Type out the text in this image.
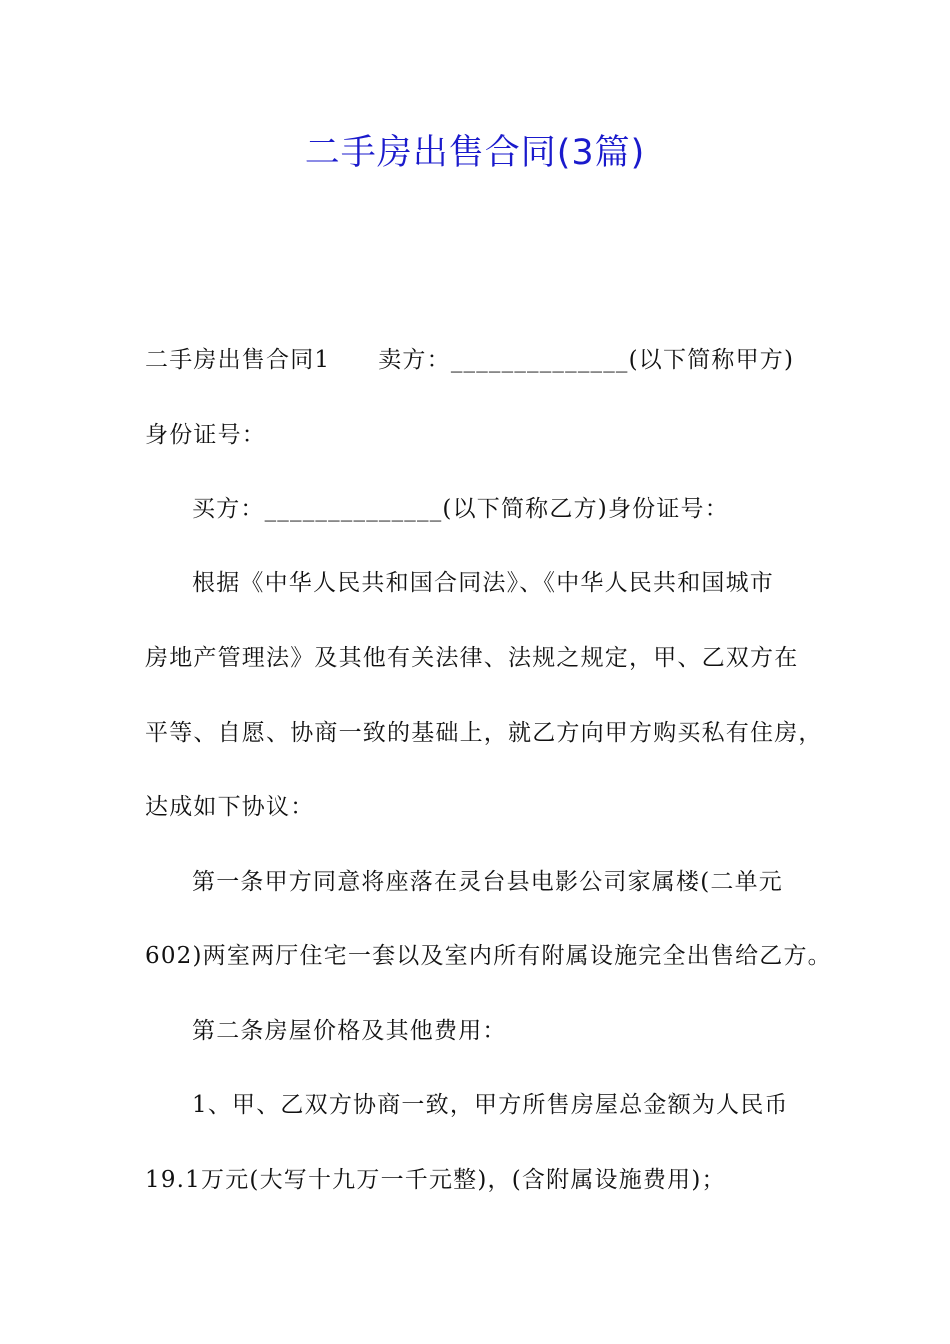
二手房出售合同(3篇)
二手房出售合同1 卖方：______________(以下简称甲方)
身份证号：
买方：______________(以下简称乙方)身份证号：
根据《中华人民共和国合同法》、《中华人民共和国城市
房地产管理法》及其他有关法律、法规之规定，甲、乙双方在
平等、自愿、协商一致的基础上，就乙方向甲方购买私有住房，
达成如下协议：
第一条甲方同意将座落在灵台县电影公司家属楼(二单元
602)两室两厅住宅一套以及室内所有附属设施完全出售给乙方。
第二条房屋价格及其他费用：
1、甲、乙双方协商一致，甲方所售房屋总金额为人民币
19.1万元(大写十九万一千元整)，(含附属设施费用)；
